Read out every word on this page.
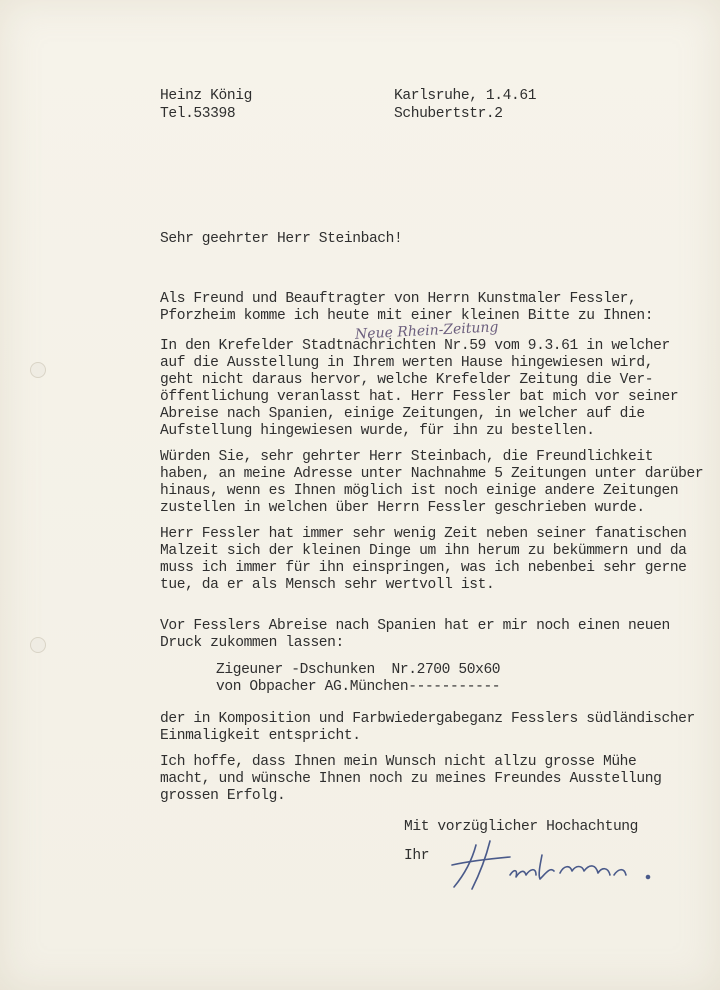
Heinz König
Tel.53398
Karlsruhe, 1.4.61
Schubertstr.2
Sehr geehrter Herr Steinbach!
Als Freund und Beauftragter von Herrn Kunstmaler Fessler,
Pforzheim komme ich heute mit einer kleinen Bitte zu Ihnen:
Neue Rhein-Zeitung
In den Krefelder Stadtnachrichten Nr.59 vom 9.3.61 in welcher
auf die Ausstellung in Ihrem werten Hause hingewiesen wird,
geht nicht daraus hervor, welche Krefelder Zeitung die Ver-
öffentlichung veranlasst hat. Herr Fessler bat mich vor seiner
Abreise nach Spanien, einige Zeitungen, in welcher auf die
Aufstellung hingewiesen wurde, für ihn zu bestellen.
Würden Sie, sehr gehrter Herr Steinbach, die Freundlichkeit
haben, an meine Adresse unter Nachnahme 5 Zeitungen unter darüber
hinaus, wenn es Ihnen möglich ist noch einige andere Zeitungen
zustellen in welchen über Herrn Fessler geschrieben wurde.
Herr Fessler hat immer sehr wenig Zeit neben seiner fanatischen
Malzeit sich der kleinen Dinge um ihn herum zu bekümmern und da
muss ich immer für ihn einspringen, was ich nebenbei sehr gerne
tue, da er als Mensch sehr wertvoll ist.
Vor Fesslers Abreise nach Spanien hat er mir noch einen neuen
Druck zukommen lassen:
Zigeuner -Dschunken  Nr.2700 50x60
von Obpacher AG.München-----------
der in Komposition und Farbwiedergabeganz Fesslers südländischer
Einmaligkeit entspricht.
Ich hoffe, dass Ihnen mein Wunsch nicht allzu grosse Mühe
macht, und wünsche Ihnen noch zu meines Freundes Ausstellung
grossen Erfolg.
Mit vorzüglicher Hochachtung
Ihr
